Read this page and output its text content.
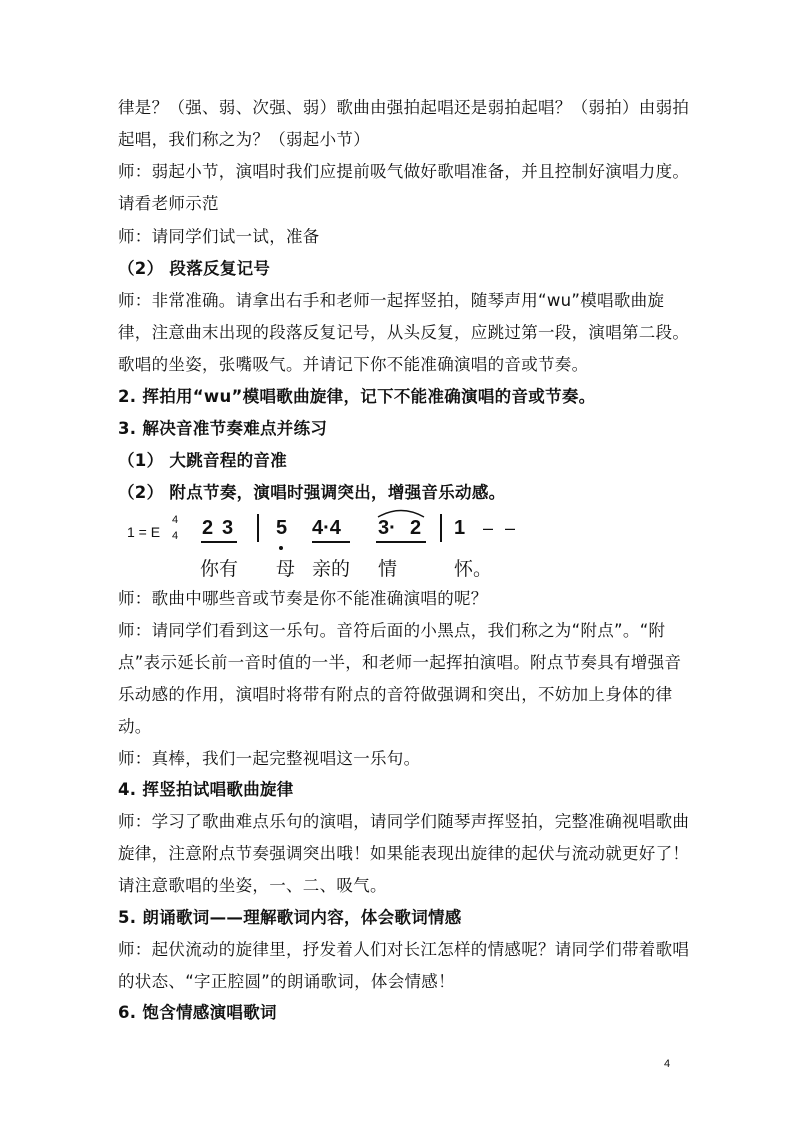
律是？（强、弱、次强、弱）歌曲由强拍起唱还是弱拍起唱？（弱拍）由弱拍
起唱，我们称之为？（弱起小节）
师：弱起小节，演唱时我们应提前吸气做好歌唱准备，并且控制好演唱力度。
请看老师示范
师：请同学们试一试，准备
（2） 段落反复记号
师：非常准确。请拿出右手和老师一起挥竖拍，随琴声用“wu”模唱歌曲旋
律，注意曲末出现的段落反复记号，从头反复，应跳过第一段，演唱第二段。
歌唱的坐姿，张嘴吸气。并请记下你不能准确演唱的音或节奏。
2. 挥拍用“wu”模唱歌曲旋律，记下不能准确演唱的音或节奏。
3. 解决音准节奏难点并练习
（1） 大跳音程的音准
（2） 附点节奏，演唱时强调突出，增强音乐动感。
1 = E
4
4 2 3 5 4·4 3· 2 1 – –
你有 母 亲的 情	怀。
师：歌曲中哪些音或节奏是你不能准确演唱的呢？
师：请同学们看到这一乐句。音符后面的小黑点，我们称之为“附点”。“附
点”表示延长前一音时值的一半，和老师一起挥拍演唱。附点节奏具有增强音
乐动感的作用，演唱时将带有附点的音符做强调和突出，不妨加上身体的律
动。
师：真棒，我们一起完整视唱这一乐句。
4. 挥竖拍试唱歌曲旋律
师：学习了歌曲难点乐句的演唱，请同学们随琴声挥竖拍，完整准确视唱歌曲
旋律，注意附点节奏强调突出哦！如果能表现出旋律的起伏与流动就更好了！
请注意歌唱的坐姿，一、二、吸气。
5. 朗诵歌词——理解歌词内容，体会歌词情感
师：起伏流动的旋律里，抒发着人们对长江怎样的情感呢？请同学们带着歌唱
的状态、“字正腔圆”的朗诵歌词，体会情感！
6. 饱含情感演唱歌词
4
